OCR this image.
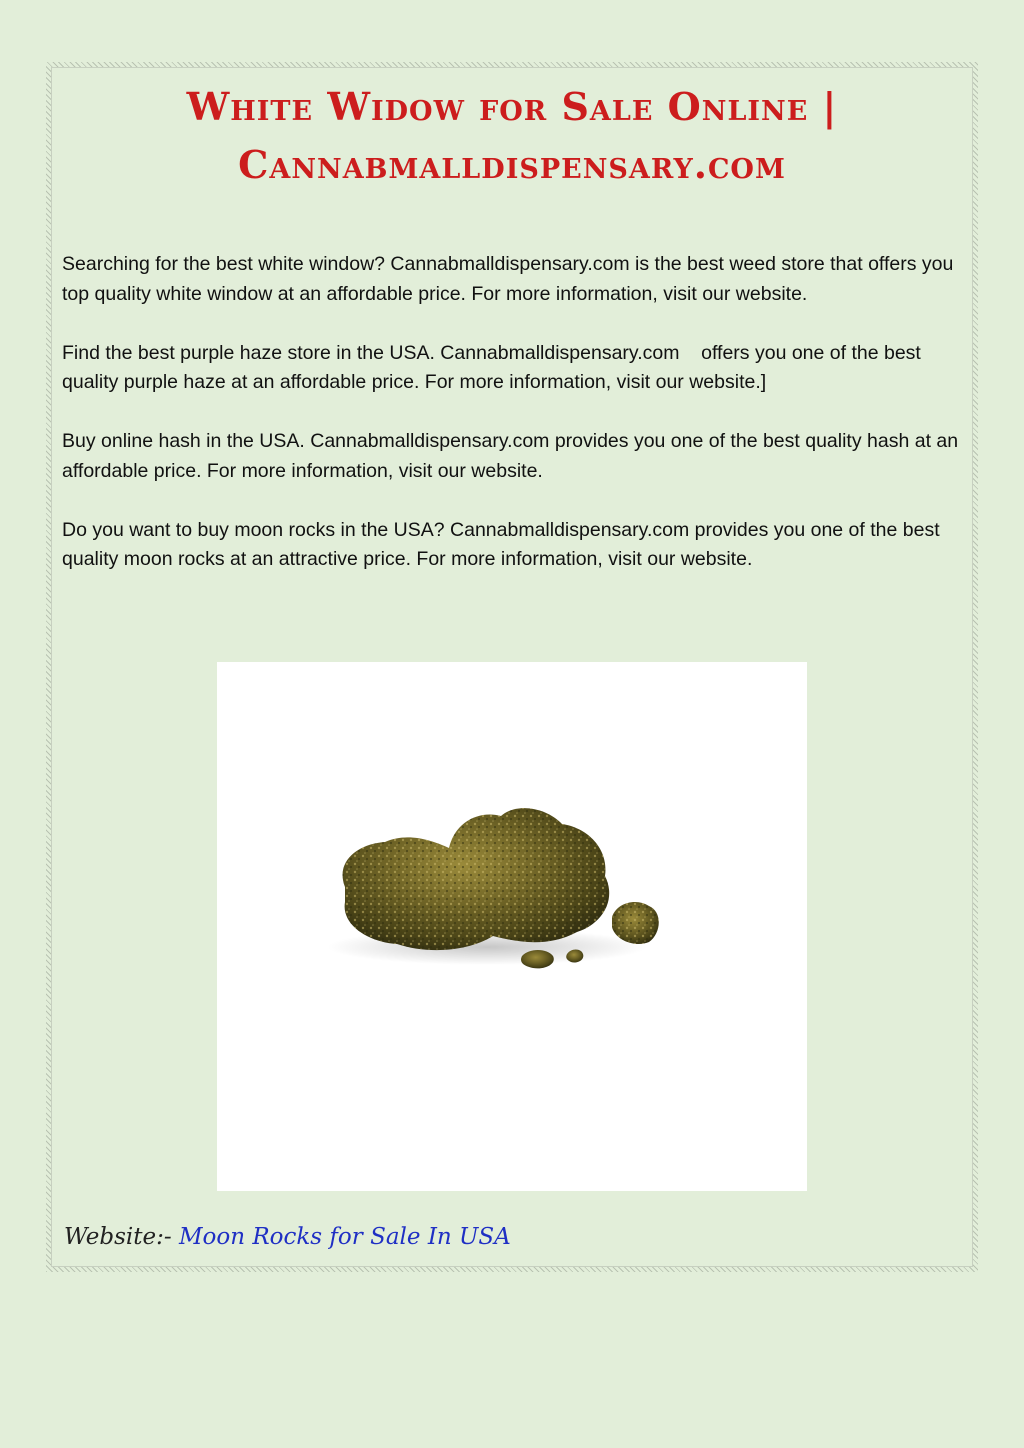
White Widow for Sale Online |
Cannabmalldispensary.com

Searching for the best white window? Cannabmalldispensary.com is the best weed store that offers you top quality white window at an affordable price. For more information, visit our website.

Find the best purple haze store in the USA. Cannabmalldispensary.com    offers you one of the best quality purple haze at an affordable price. For more information, visit our website.]

Buy online hash in the USA. Cannabmalldispensary.com provides you one of the best quality hash at an affordable price. For more information, visit our website.

Do you want to buy moon rocks in the USA? Cannabmalldispensary.com provides you one of the best quality moon rocks at an attractive price. For more information, visit our website.

Website:- Moon Rocks for Sale In USA
